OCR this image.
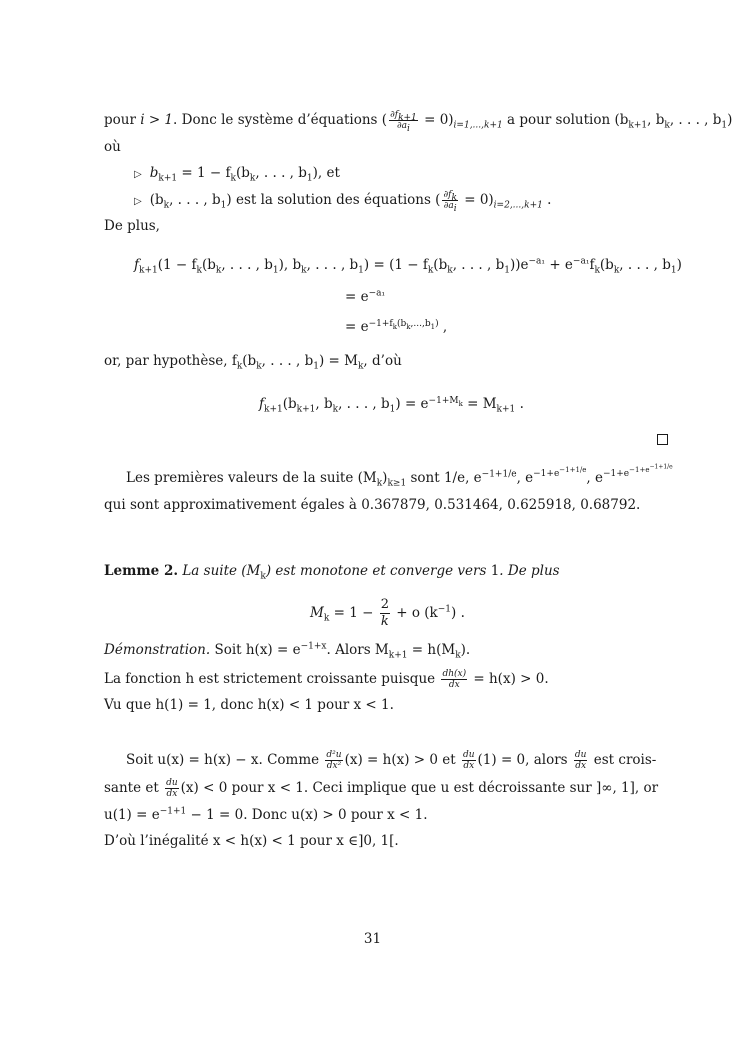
pour i > 1. Donc le système d’équations ( $\frac{\partial f_{k+1}}{\partial a_i} = 0)_{i=1,...,k+1}$ a pour solution ($b_{k+1}$, $b_k$, . . . , $b_1$)
où
▷ $b_{k+1} = 1 - f_k(b_k$, . . . , $b_1$), et
▷ ($b_k$, . . . , $b_1$) est la solution des équations ( $\frac{\partial f_k}{\partial a_i} = 0)_{i=2,...,k+1}$ .
De plus,
$f_{k+1}(1 - f_k(b_k$, . . . , $b_1$), $b_k$, . . . , $b_1) = (1 - f_k(b_k$, . . . , $b_1))e^{-a_1} + e^{-a_1}f_k(b_k$, . . . , $b_1$)
= $e^{-a_1}$
= $e^{-1+f_k(b_k,...,b_1)}$ ,
or, par hypothèse, $f_k(b_k$, . . . , $b_1) = M_k$, d’où
$f_{k+1}(b_{k+1}$, $b_k$, . . . , $b_1) = e^{-1+M_k} = M_{k+1}$ .
Les premières valeurs de la suite $(M_k)_{k\ge 1}$ sont 1/e, $e^{-1+1/e}$, $e^{-1+e^{-1+1/e}}$, $e^{-1+e^{-1+e^{-1+1/e}}}$
qui sont approximativement égales à 0.367879, 0.531464, 0.625918, 0.68792.
Lemme 2. La suite $(M_k)$ est monotone et converge vers 1. De plus
$M_k = 1 - \frac{2}{k} + o$ $(k^{-1})$ .
Démonstration. Soit $h(x) = e^{-1+x}$. Alors $M_{k+1} = h(M_k)$.
La fonction h est strictement croissante puisque $\frac{dh(x)}{dx} = h(x) > 0$.
Vu que h(1) = 1, donc h(x) < 1 pour x < 1.
Soit u(x) = h(x) − x. Comme $\frac{\text{d²u}}{\text{dx²}} (x) = h(x) > 0$ et $\frac{du}{dx} (1) = 0$, alors $\frac{du}{dx}$ est crois-
sante et $\frac{du}{dx} (x) < 0$ pour x < 1. Ceci implique que u est décroissante sur ]∞, 1], or
$u(1) = e^{-1+1} - 1 = 0$. Donc u(x) > 0 pour x < 1.
D’où l’inégalité x < h(x) < 1 pour x ∈]0, 1[.
31
